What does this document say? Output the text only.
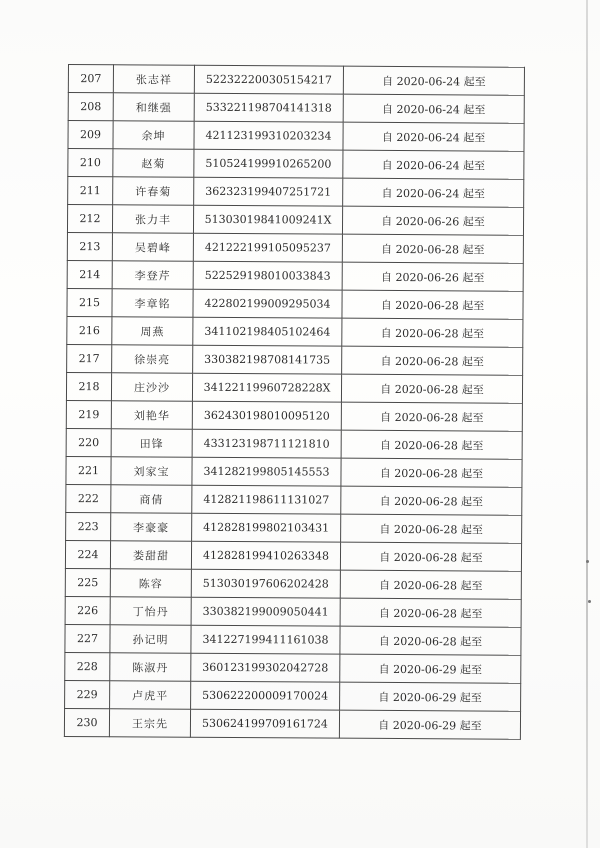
207	张志祥	522322200305154217	自 2020-06-24 起至
208	和继强	533221198704141318	自 2020-06-24 起至
209	余坤	421123199310203234	自 2020-06-24 起至
210	赵菊	510524199910265200	自 2020-06-24 起至
211	许春菊	362323199407251721	自 2020-06-24 起至
212	张力丰	51303019841009241X	自 2020-06-26 起至
213	吴碧峰	421222199105095237	自 2020-06-28 起至
214	李登芹	522529198010033843	自 2020-06-26 起至
215	李章铭	422802199009295034	自 2020-06-28 起至
216	周燕	341102198405102464	自 2020-06-28 起至
217	徐崇亮	330382198708141735	自 2020-06-28 起至
218	庄沙沙	34122119960728228X	自 2020-06-28 起至
219	刘艳华	362430198010095120	自 2020-06-28 起至
220	田锋	433123198711121810	自 2020-06-28 起至
221	刘家宝	341282199805145553	自 2020-06-28 起至
222	商倩	412821198611131027	自 2020-06-28 起至
223	李豪豪	412828199802103431	自 2020-06-28 起至
224	娄甜甜	412828199410263348	自 2020-06-28 起至
225	陈容	513030197606202428	自 2020-06-28 起至
226	丁怡丹	330382199009050441	自 2020-06-28 起至
227	孙记明	341227199411161038	自 2020-06-28 起至
228	陈淑丹	360123199302042728	自 2020-06-29 起至
229	卢虎平	530622200009170024	自 2020-06-29 起至
230	王宗先	530624199709161724	自 2020-06-29 起至
